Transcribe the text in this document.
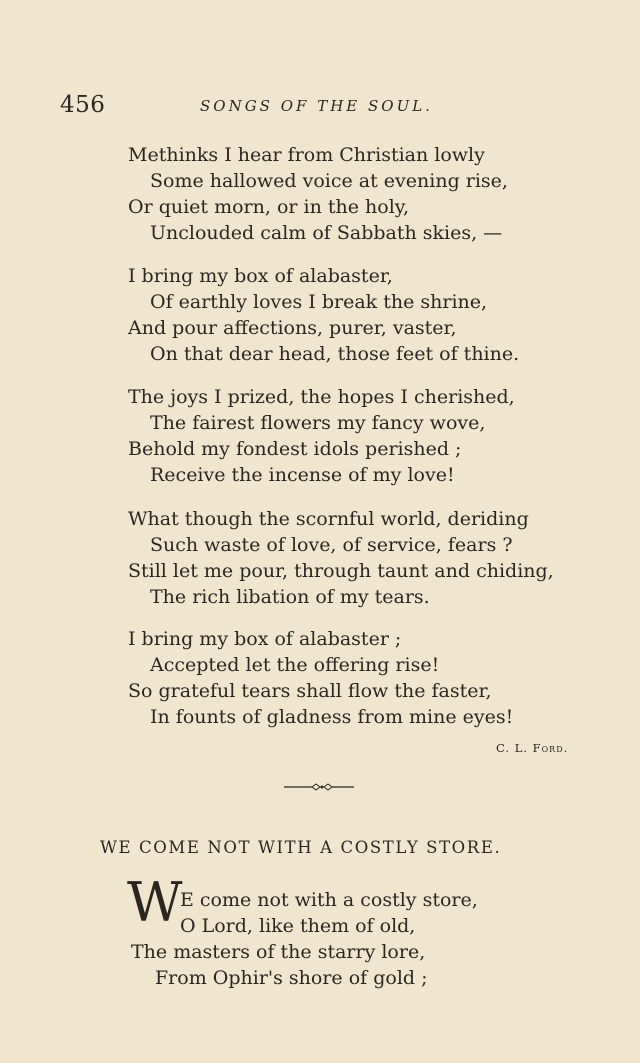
456	SONGS OF THE SOUL.
Methinks I hear from Christian lowly
Some hallowed voice at evening rise,
Or quiet morn, or in the holy,
Unclouded calm of Sabbath skies, —
I bring my box of alabaster,
Of earthly loves I break the shrine,
And pour affections, purer, vaster,
On that dear head, those feet of thine.
The joys I prized, the hopes I cherished,
The fairest flowers my fancy wove,
Behold my fondest idols perished ;
Receive the incense of my love!
What though the scornful world, deriding
Such waste of love, of service, fears ?
Still let me pour, through taunt and chiding,
The rich libation of my tears.
I bring my box of alabaster ;
Accepted let the offering rise!
So grateful tears shall flow the faster,
In founts of gladness from mine eyes!
C. L. Ford.
WE COME NOT WITH A COSTLY STORE.
W
E come not with a costly store,
O Lord, like them of old,
The masters of the starry lore,
From Ophir's shore of gold ;
